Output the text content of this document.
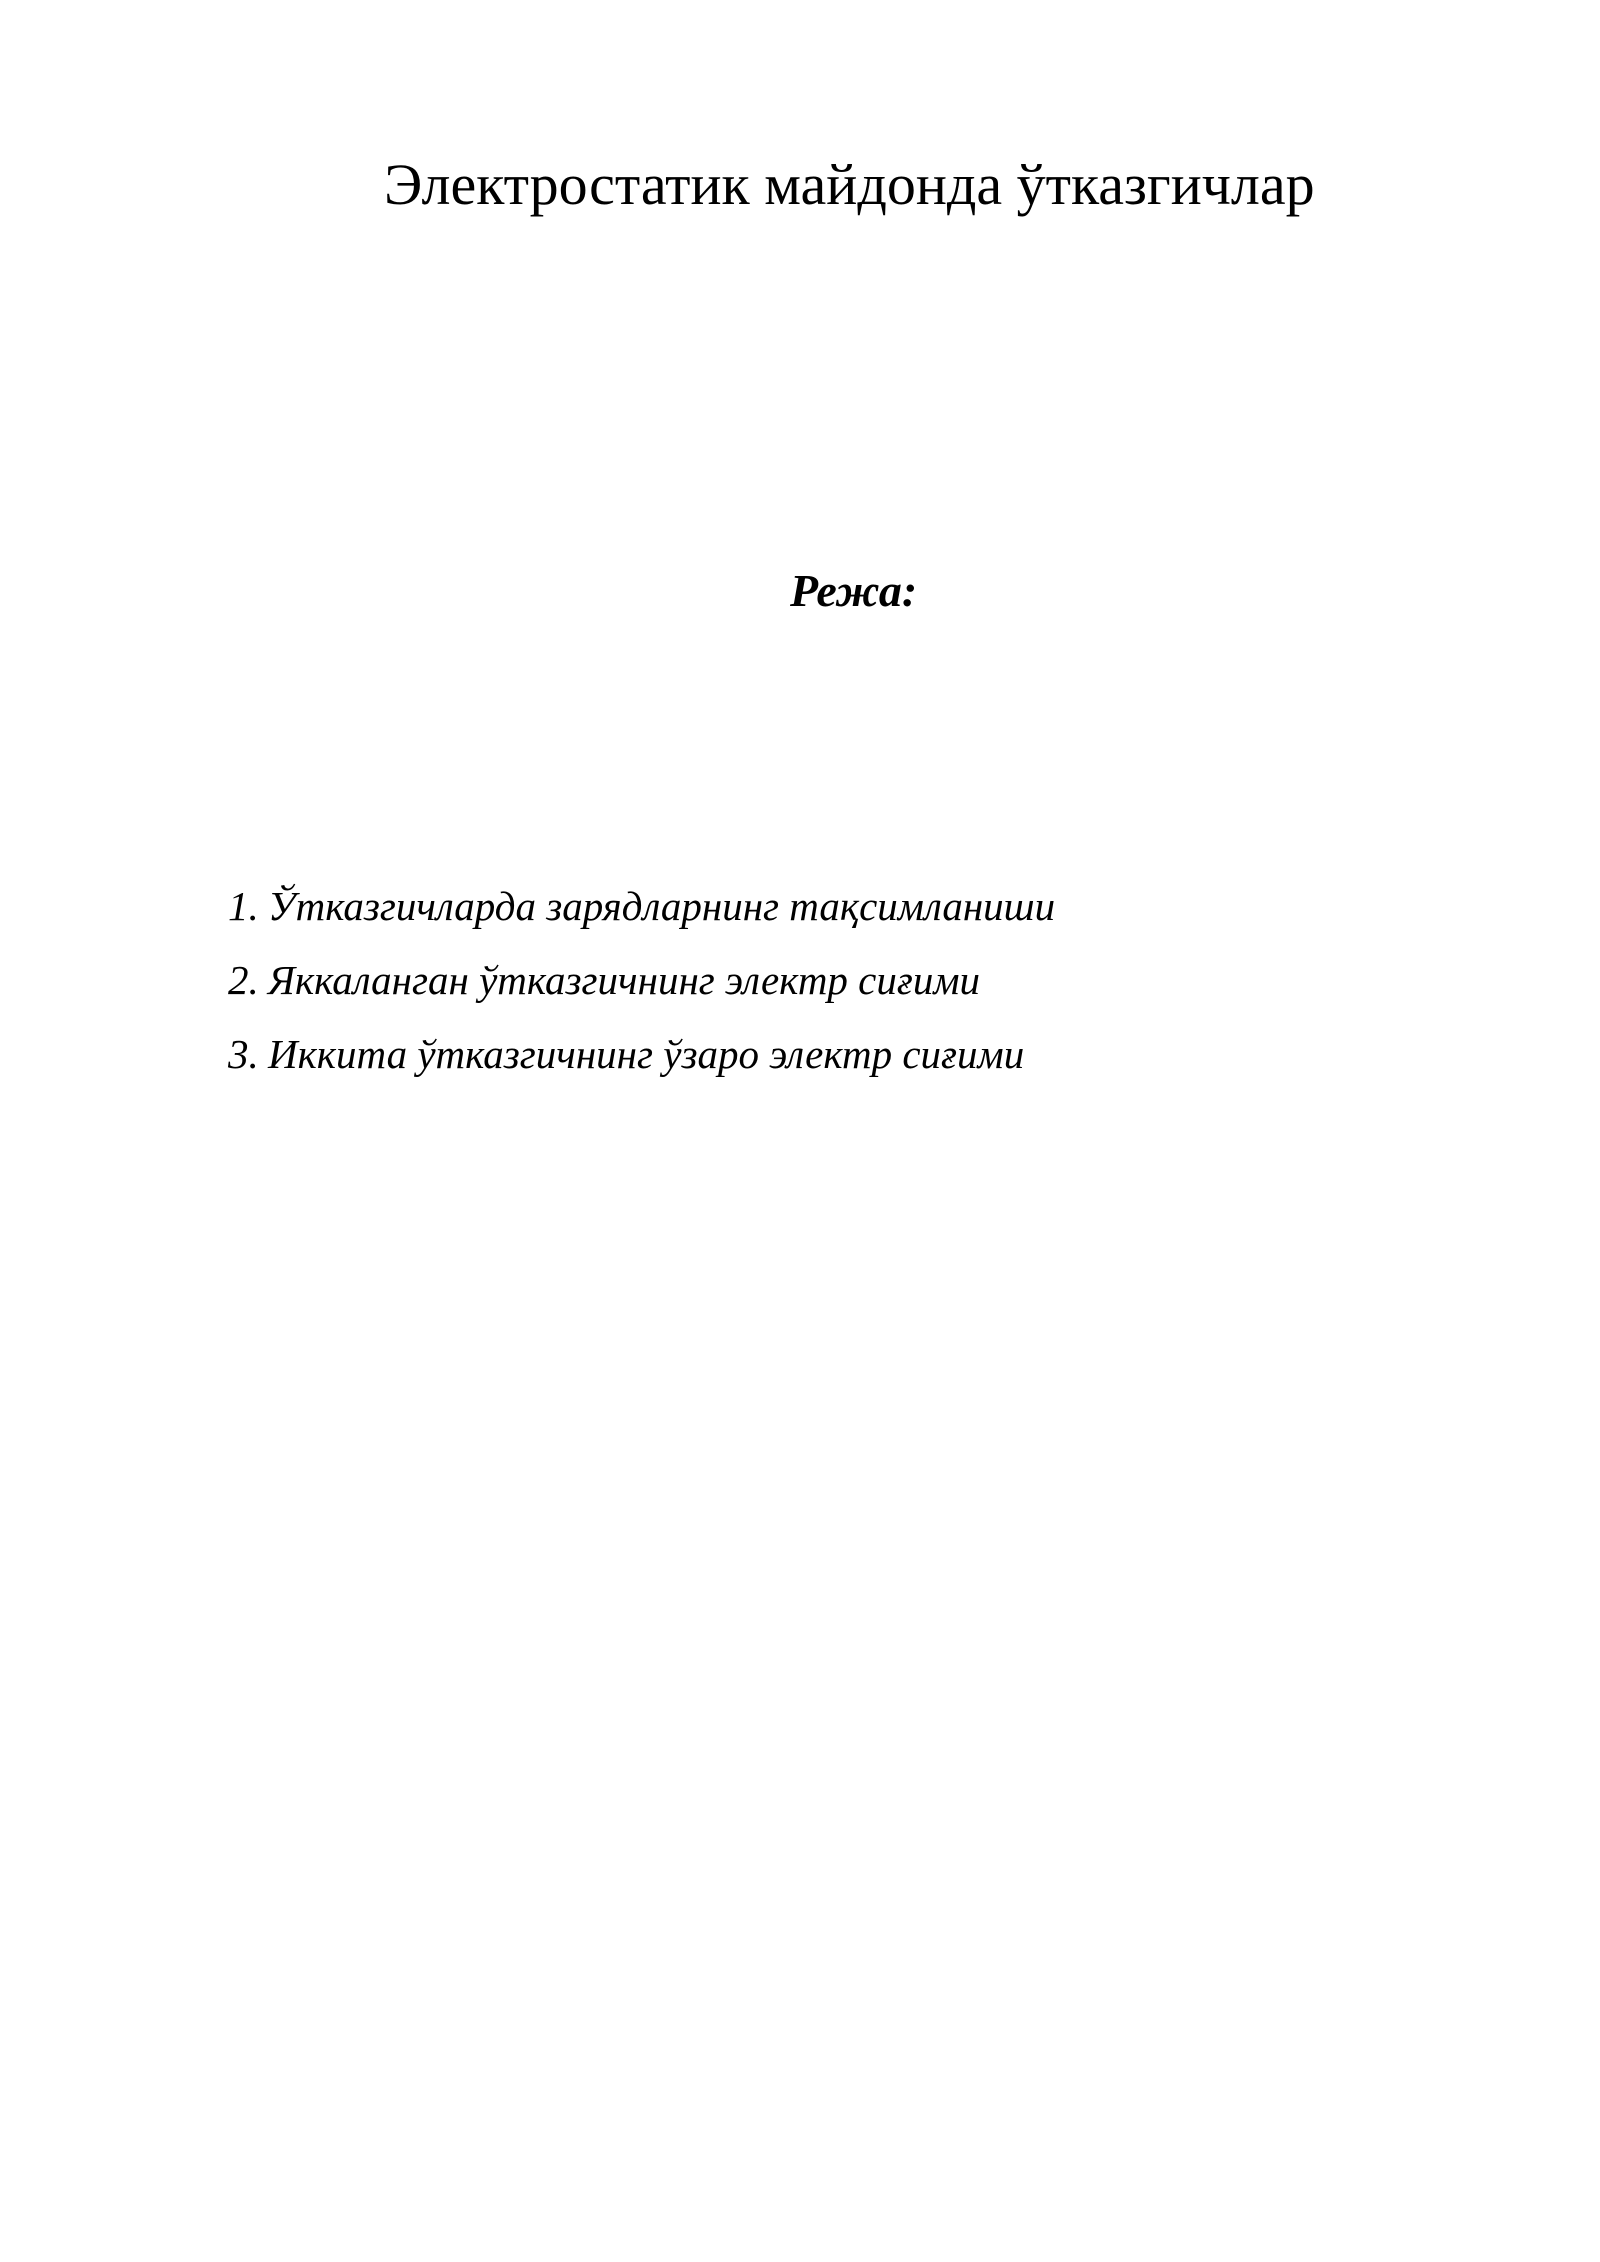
Электростатик майдонда ўтказгичлар
Режа:
1. Ўтказгичларда зарядларнинг тақсимланиши
2. Яккаланган ўтказгичнинг электр сиғими
3. Иккита ўтказгичнинг ўзаро электр сиғими
